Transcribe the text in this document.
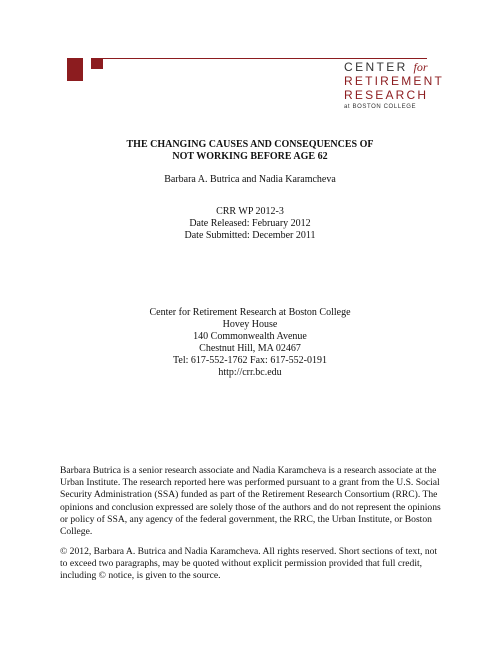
CENTER for
RETIREMENT
RESEARCH
at BOSTON COLLEGE
THE CHANGING CAUSES AND CONSEQUENCES OF
NOT WORKING BEFORE AGE 62
Barbara A. Butrica and Nadia Karamcheva
CRR WP 2012-3
Date Released: February 2012
Date Submitted: December 2011
Center for Retirement Research at Boston College
Hovey House
140 Commonwealth Avenue
Chestnut Hill, MA 02467
Tel: 617-552-1762 Fax: 617-552-0191
http://crr.bc.edu
Barbara Butrica is a senior research associate and Nadia Karamcheva is a research associate at the Urban Institute. The research reported here was performed pursuant to a grant from the U.S. Social Security Administration (SSA) funded as part of the Retirement Research Consortium (RRC). The opinions and conclusion expressed are solely those of the authors and do not represent the opinions or policy of SSA, any agency of the federal government, the RRC, the Urban Institute, or Boston College.
© 2012, Barbara A. Butrica and Nadia Karamcheva. All rights reserved. Short sections of text, not to exceed two paragraphs, may be quoted without explicit permission provided that full credit, including © notice, is given to the source.
